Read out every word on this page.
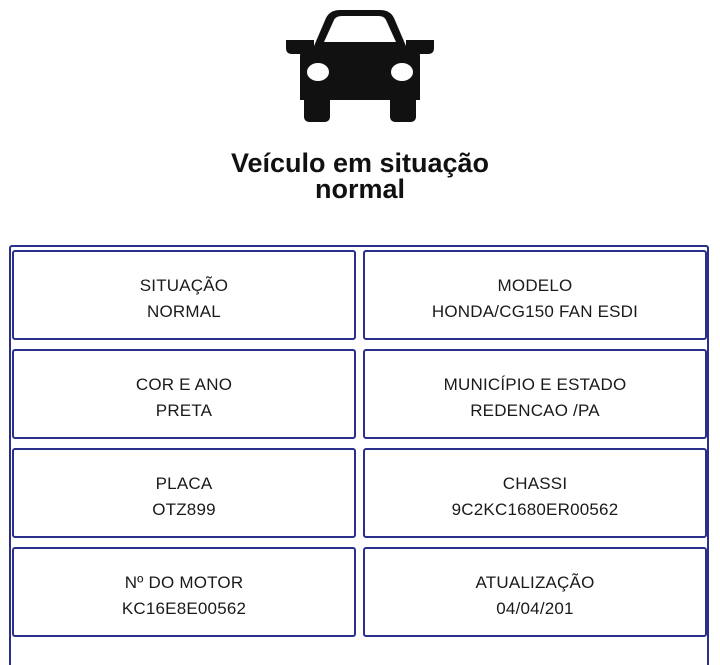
Veículo em situação
normal
SITUAÇÃO
NORMAL
MODELO
HONDA/CG150 FAN ESDI
COR E ANO
PRETA
MUNICÍPIO E ESTADO
REDENCAO /PA
PLACA
OTZ899
CHASSI
9C2KC1680ER00562
Nº DO MOTOR
KC16E8E00562
ATUALIZAÇÃO
04/04/201
